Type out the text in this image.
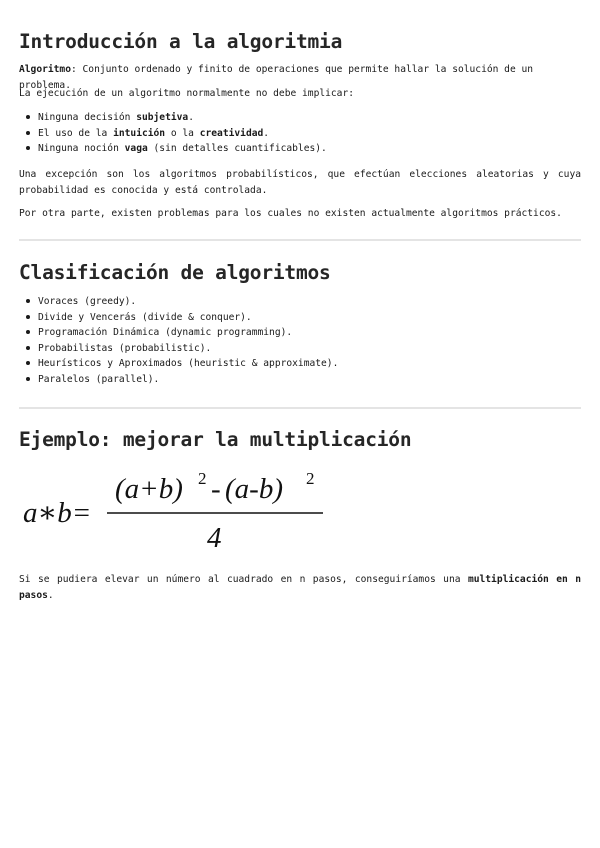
Introducción a la algoritmia

Algoritmo: Conjunto ordenado y finito de operaciones que permite hallar la solución de un problema.

La ejecución de un algoritmo normalmente no debe implicar:

Ninguna decisión subjetiva.
El uso de la intuición o la creatividad.
Ninguna noción vaga (sin detalles cuantificables).

Una excepción son los algoritmos probabilísticos, que efectúan elecciones aleatorias y cuya probabilidad es conocida y está controlada.

Por otra parte, existen problemas para los cuales no existen actualmente algoritmos prácticos.

Clasificación de algoritmos
Voraces (greedy).
Divide y Vencerás (divide & conquer).
Programación Dinámica (dynamic programming).
Probabilistas (probabilistic).
Heurísticos y Aproximados (heuristic & approximate).
Paralelos (parallel).
Ejemplo: mejorar la multiplicación
a∗b=
(a+b) 2 - (a-b) 2
4

Si se pudiera elevar un número al cuadrado en n pasos, conseguiríamos una multiplicación en n pasos.
